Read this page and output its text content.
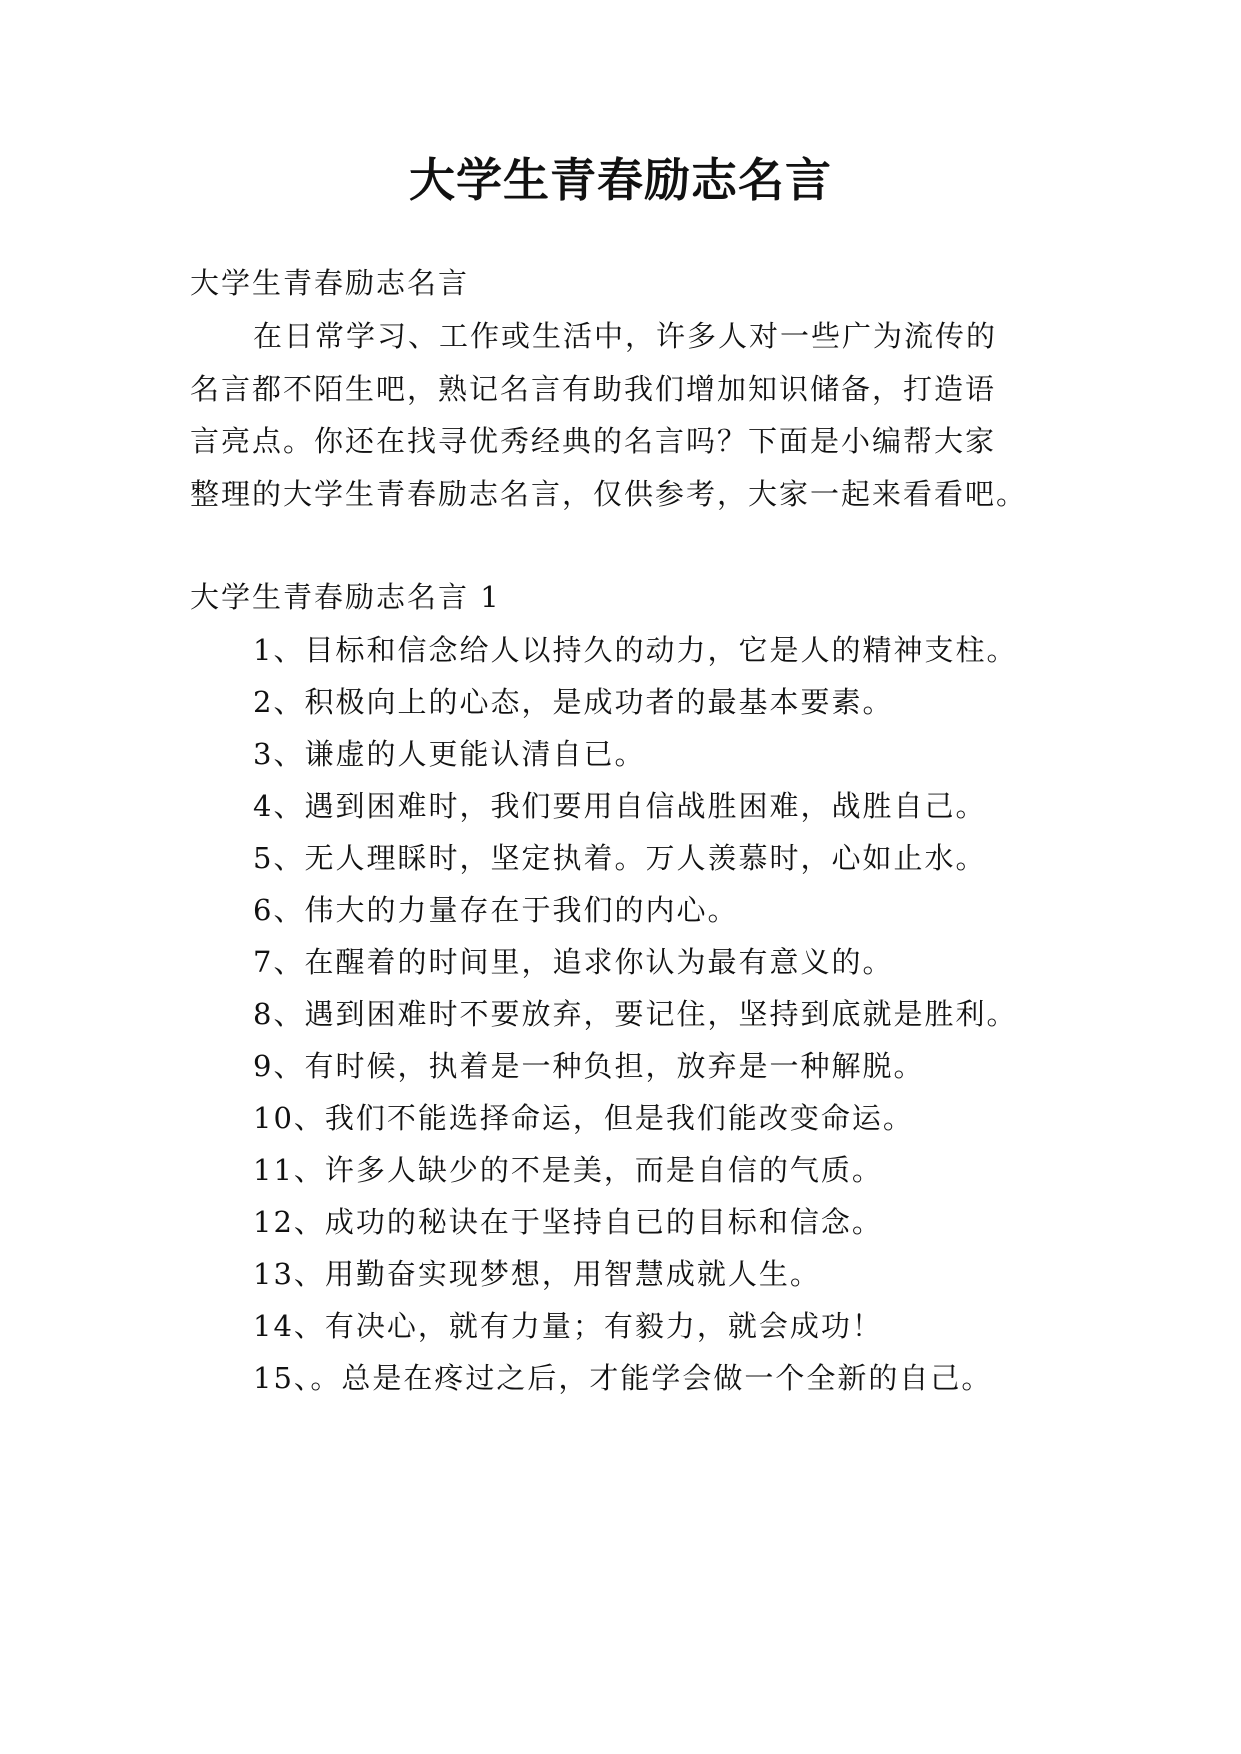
大学生青春励志名言
大学生青春励志名言
在日常学习、工作或生活中，许多人对一些广为流传的
名言都不陌生吧，熟记名言有助我们增加知识储备，打造语
言亮点。你还在找寻优秀经典的名言吗？下面是小编帮大家
整理的大学生青春励志名言，仅供参考，大家一起来看看吧。
大学生青春励志名言 1
1、目标和信念给人以持久的动力，它是人的精神支柱。
2、积极向上的心态，是成功者的最基本要素。
3、谦虚的人更能认清自已。
4、遇到困难时，我们要用自信战胜困难，战胜自己。
5、无人理睬时，坚定执着。万人羡慕时，心如止水。
6、伟大的力量存在于我们的内心。
7、在醒着的时间里，追求你认为最有意义的。
8、遇到困难时不要放弃，要记住，坚持到底就是胜利。
9、有时候，执着是一种负担，放弃是一种解脱。
10、我们不能选择命运，但是我们能改变命运。
11、许多人缺少的不是美，而是自信的气质。
12、成功的秘诀在于坚持自已的目标和信念。
13、用勤奋实现梦想，用智慧成就人生。
14、有决心，就有力量；有毅力，就会成功！
15、。总是在疼过之后，才能学会做一个全新的自己。
